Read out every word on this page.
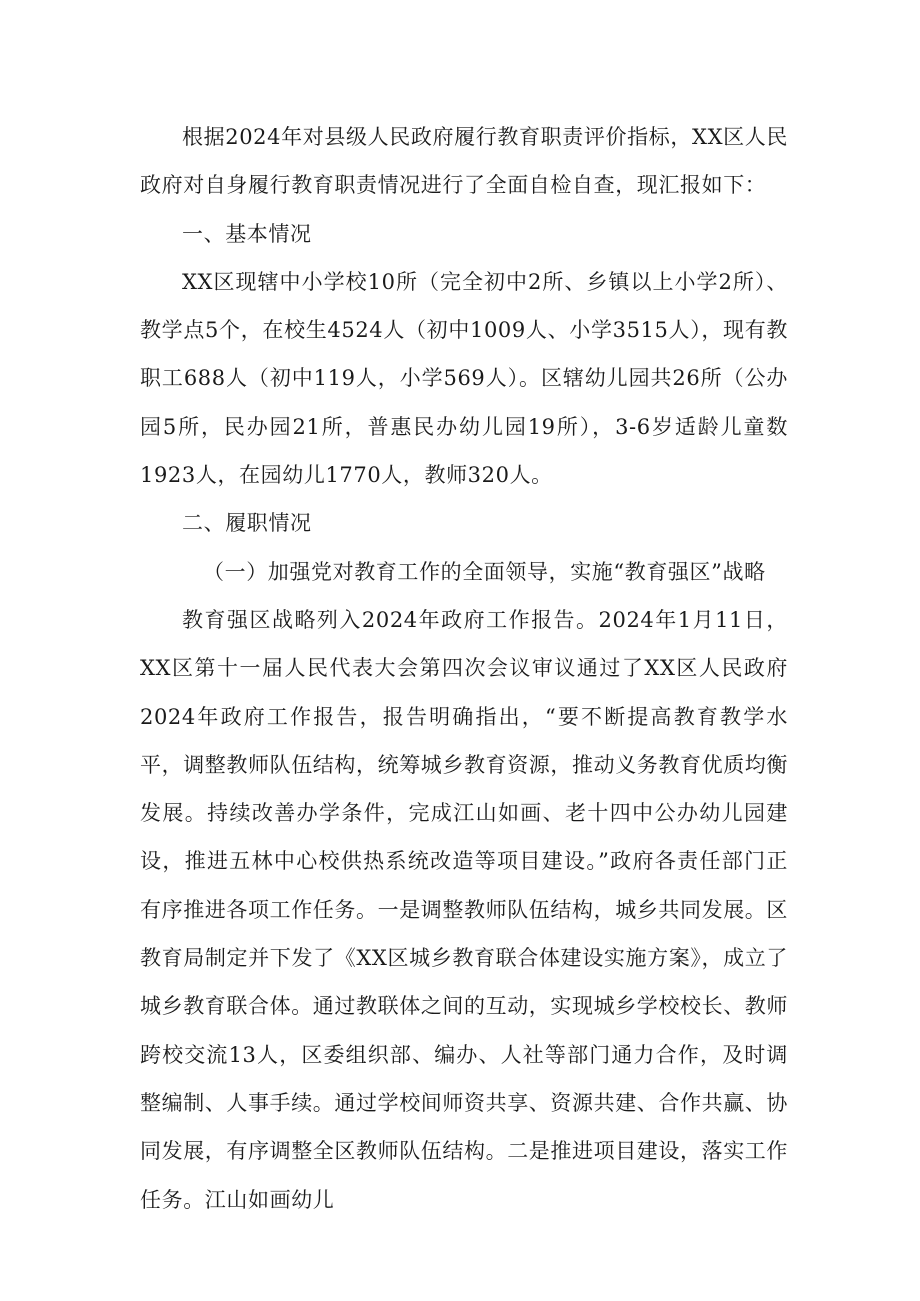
根据2024年对县级人民政府履行教育职责评价指标，XX区人民政府对自身履行教育职责情况进行了全面自检自查，现汇报如下：

一、基本情况

XX区现辖中小学校10所（完全初中2所、乡镇以上小学2所）、教学点5个，在校生4524人（初中1009人、小学3515人），现有教职工688人（初中119人，小学569人）。区辖幼儿园共26所（公办园5所，民办园21所，普惠民办幼儿园19所），3-6岁适龄儿童数1923人，在园幼儿1770人，教师320人。

二、履职情况

（一）加强党对教育工作的全面领导，实施“教育强区”战略

教育强区战略列入2024年政府工作报告。2024年1月11日，XX区第十一届人民代表大会第四次会议审议通过了XX区人民政府2024年政府工作报告，报告明确指出，“要不断提高教育教学水平，调整教师队伍结构，统筹城乡教育资源，推动义务教育优质均衡发展。持续改善办学条件，完成江山如画、老十四中公办幼儿园建设，推进五林中心校供热系统改造等项目建设。”政府各责任部门正有序推进各项工作任务。一是调整教师队伍结构，城乡共同发展。区教育局制定并下发了《XX区城乡教育联合体建设实施方案》，成立了城乡教育联合体。通过教联体之间的互动，实现城乡学校校长、教师跨校交流13人，区委组织部、编办、人社等部门通力合作，及时调整编制、人事手续。通过学校间师资共享、资源共建、合作共赢、协同发展，有序调整全区教师队伍结构。二是推进项目建设，落实工作任务。江山如画幼儿
